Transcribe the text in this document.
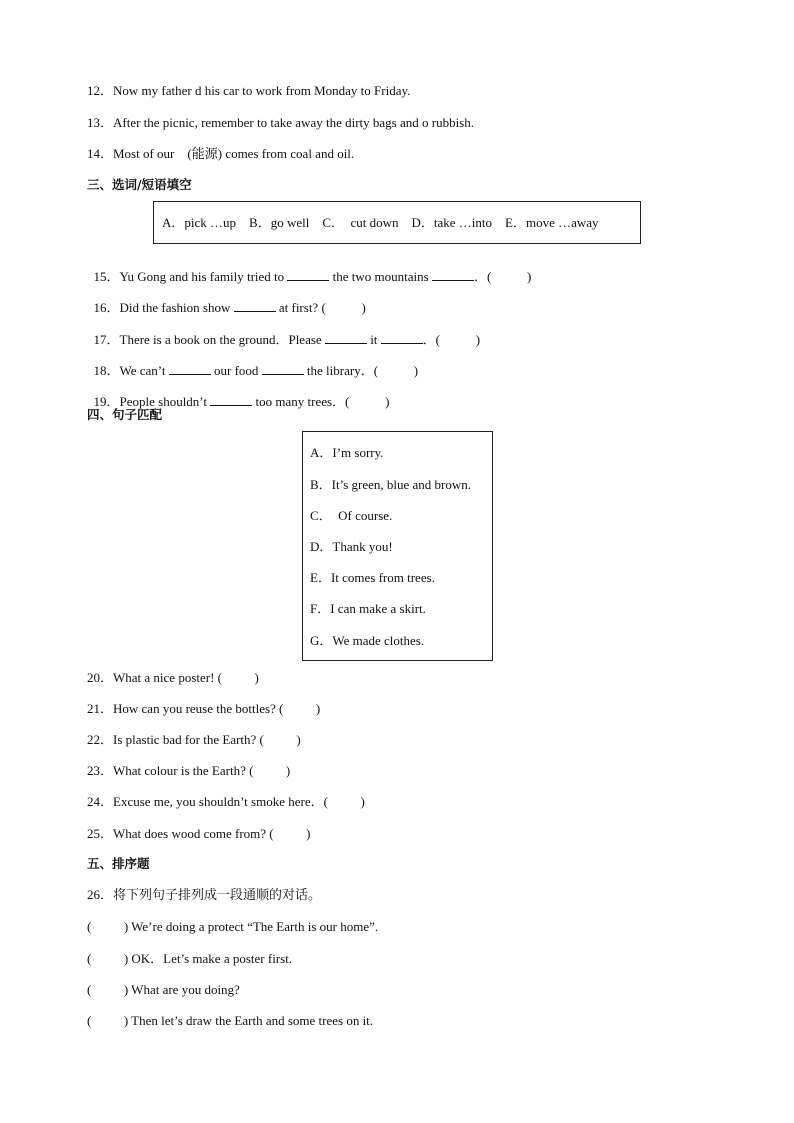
12．Now my father d his car to work from Monday to Friday.
13．After the picnic, remember to take away the dirty bags and o rubbish.
14．Most of our    (能源) comes from coal and oil.
三、选词/短语填空
A．pick …up    B．go well    C．  cut down    D．take …into    E．move …away

15．Yu Gong and his family tried to	the two mountains	．(           )

16．Did the fashion show	at first? (           )

17．There is a book on the ground．Please	it	．(           )

18．We can’t	our food	the library．(           )

19．People shouldn’t	too many trees．(           )

四、句子匹配
A．I’m sorry.
B．It’s green, blue and brown.
C．  Of course.
D．Thank you!
E．It comes from trees.
F．I can make a skirt.
G．We made clothes.
20．What a nice poster! (          )
21．How can you reuse the bottles? (          )
22．Is plastic bad for the Earth? (          )
23．What colour is the Earth? (          )
24．Excuse me, you shouldn’t smoke here．(          )
25．What does wood come from? (          )
五、排序题
26．将下列句子排列成一段通顺的对话。
(          ) We’re doing a protect “The Earth is our home”.
(          ) OK．Let’s make a poster first.
(          ) What are you doing?
(          ) Then let’s draw the Earth and some trees on it.
